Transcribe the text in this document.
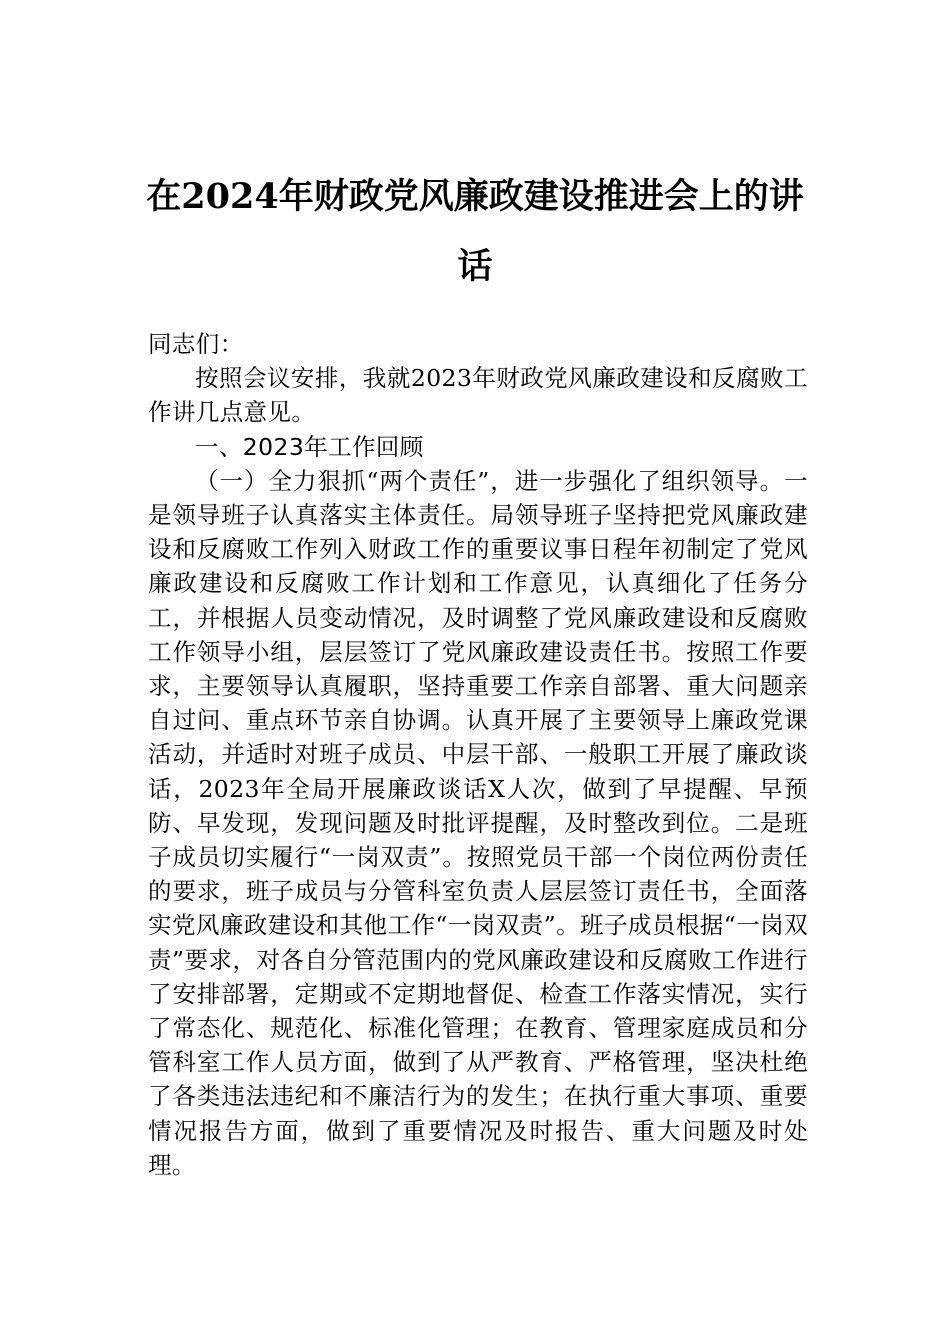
在2024年财政党风廉政建设推进会上的讲话

同志们：

按照会议安排，我就2023年财政党风廉政建设和反腐败工作讲几点意见。

一、2023年工作回顾

（一）全力狠抓“两个责任”，进一步强化了组织领导。一是领导班子认真落实主体责任。局领导班子坚持把党风廉政建设和反腐败工作列入财政工作的重要议事日程年初制定了党风廉政建设和反腐败工作计划和工作意见，认真细化了任务分工，并根据人员变动情况，及时调整了党风廉政建设和反腐败工作领导小组，层层签订了党风廉政建设责任书。按照工作要求，主要领导认真履职，坚持重要工作亲自部署、重大问题亲自过问、重点环节亲自协调。认真开展了主要领导上廉政党课活动，并适时对班子成员、中层干部、一般职工开展了廉政谈话，2023年全局开展廉政谈话X人次，做到了早提醒、早预防、早发现，发现问题及时批评提醒，及时整改到位。二是班子成员切实履行“一岗双责”。按照党员干部一个岗位两份责任的要求，班子成员与分管科室负责人层层签订责任书，全面落实党风廉政建设和其他工作“一岗双责”。班子成员根据“一岗双责”要求，对各自分管范围内的党风廉政建设和反腐败工作进行了安排部署，定期或不定期地督促、检查工作落实情况，实行了常态化、规范化、标准化管理；在教育、管理家庭成员和分管科室工作人员方面，做到了从严教育、严格管理，坚决杜绝了各类违法违纪和不廉洁行为的发生；在执行重大事项、重要情况报告方面，做到了重要情况及时报告、重大问题及时处理。
